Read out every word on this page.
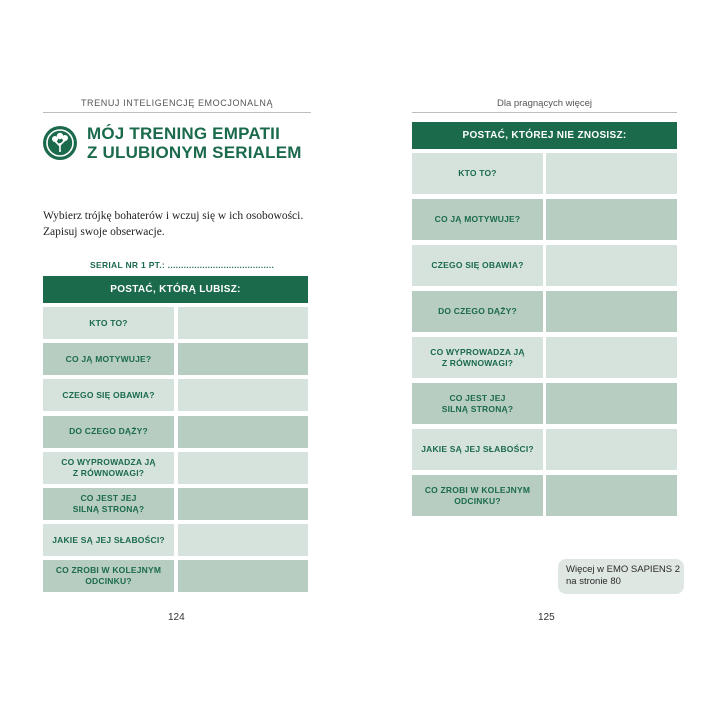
TRENUJ INTELIGENCJĘ EMOCJONALNĄ
MÓJ TRENING EMPATII
Z ULUBIONYM SERIALEM
Wybierz trójkę bohaterów i wczuj się w ich osobowości. Zapisuj swoje obserwacje.
SERIAL NR 1 PT.: ........................................
POSTAĆ, KTÓRĄ LUBISZ:
KTO TO?
CO JĄ MOTYWUJE?
CZEGO SIĘ OBAWIA?
DO CZEGO DĄŻY?
CO WYPROWADZA JĄ
Z RÓWNOWAGI?
CO JEST JEJ
SILNĄ STRONĄ?
JAKIE SĄ JEJ SŁABOŚCI?
CO ZROBI W KOLEJNYM
ODCINKU?
124
Dla pragnących więcej
POSTAĆ, KTÓREJ NIE ZNOSISZ:
KTO TO?
CO JĄ MOTYWUJE?
CZEGO SIĘ OBAWIA?
DO CZEGO DĄŻY?
CO WYPROWADZA JĄ
Z RÓWNOWAGI?
CO JEST JEJ
SILNĄ STRONĄ?
JAKIE SĄ JEJ SŁABOŚCI?
CO ZROBI W KOLEJNYM
ODCINKU?
125
Więcej w EMO SAPIENS 2
na stronie 80
